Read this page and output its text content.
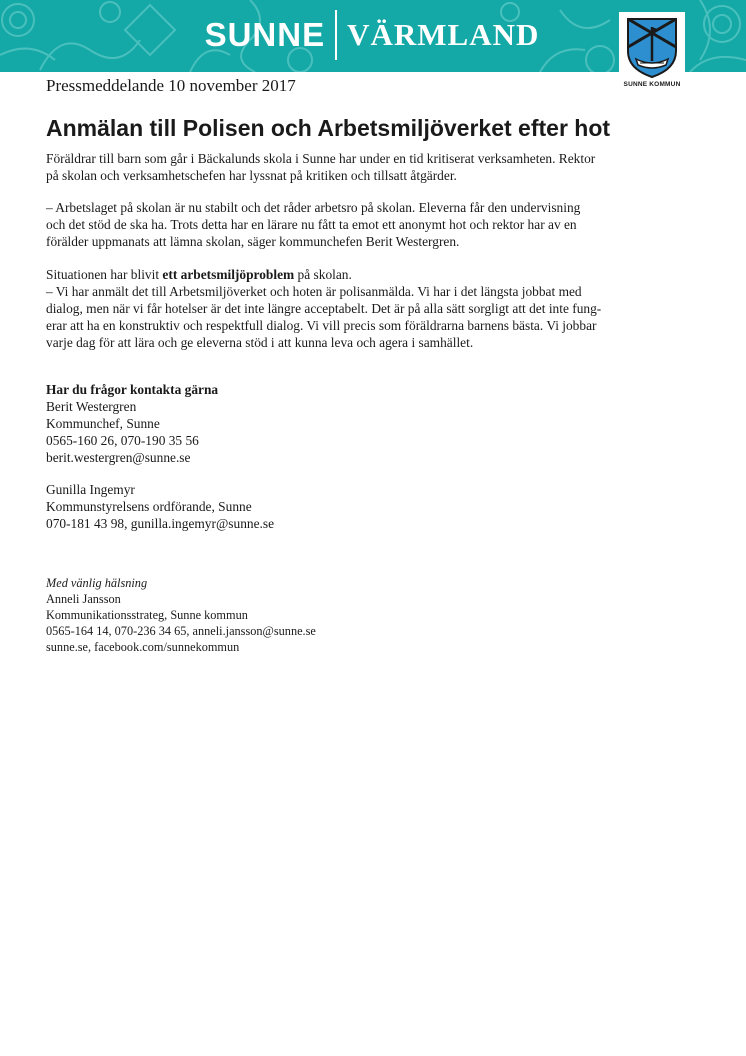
SUNNE VÄRMLAND
SUNNE KOMMUN
Pressmeddelande 10 november 2017
Anmälan till Polisen och Arbetsmiljöverket efter hot
Föräldrar till barn som går i Bäckalunds skola i Sunne har under en tid kritiserat verksamheten. Rektor
på skolan och verksamhetschefen har lyssnat på kritiken och tillsatt åtgärder.
– Arbetslaget på skolan är nu stabilt och det råder arbetsro på skolan. Eleverna får den undervisning
och det stöd de ska ha. Trots detta har en lärare nu fått ta emot ett anonymt hot och rektor har av en
förälder uppmanats att lämna skolan, säger kommunchefen Berit Westergren.
Situationen har blivit ett arbetsmiljöproblem på skolan.
– Vi har anmält det till Arbetsmiljöverket och hoten är polisanmälda. Vi har i det längsta jobbat med
dialog, men när vi får hotelser är det inte längre acceptabelt. Det är på alla sätt sorgligt att det inte fung-
erar att ha en konstruktiv och respektfull dialog. Vi vill precis som föräldrarna barnens bästa. Vi jobbar
varje dag för att lära och ge eleverna stöd i att kunna leva och agera i samhället.
Har du frågor kontakta gärna
Berit Westergren
Kommunchef, Sunne
0565-160 26, 070-190 35 56
berit.westergren@sunne.se
Gunilla Ingemyr
Kommunstyrelsens ordförande, Sunne
070-181 43 98, gunilla.ingemyr@sunne.se
Med vänlig hälsning
Anneli Jansson
Kommunikationsstrateg, Sunne kommun
0565-164 14, 070-236 34 65, anneli.jansson@sunne.se
sunne.se, facebook.com/sunnekommun
